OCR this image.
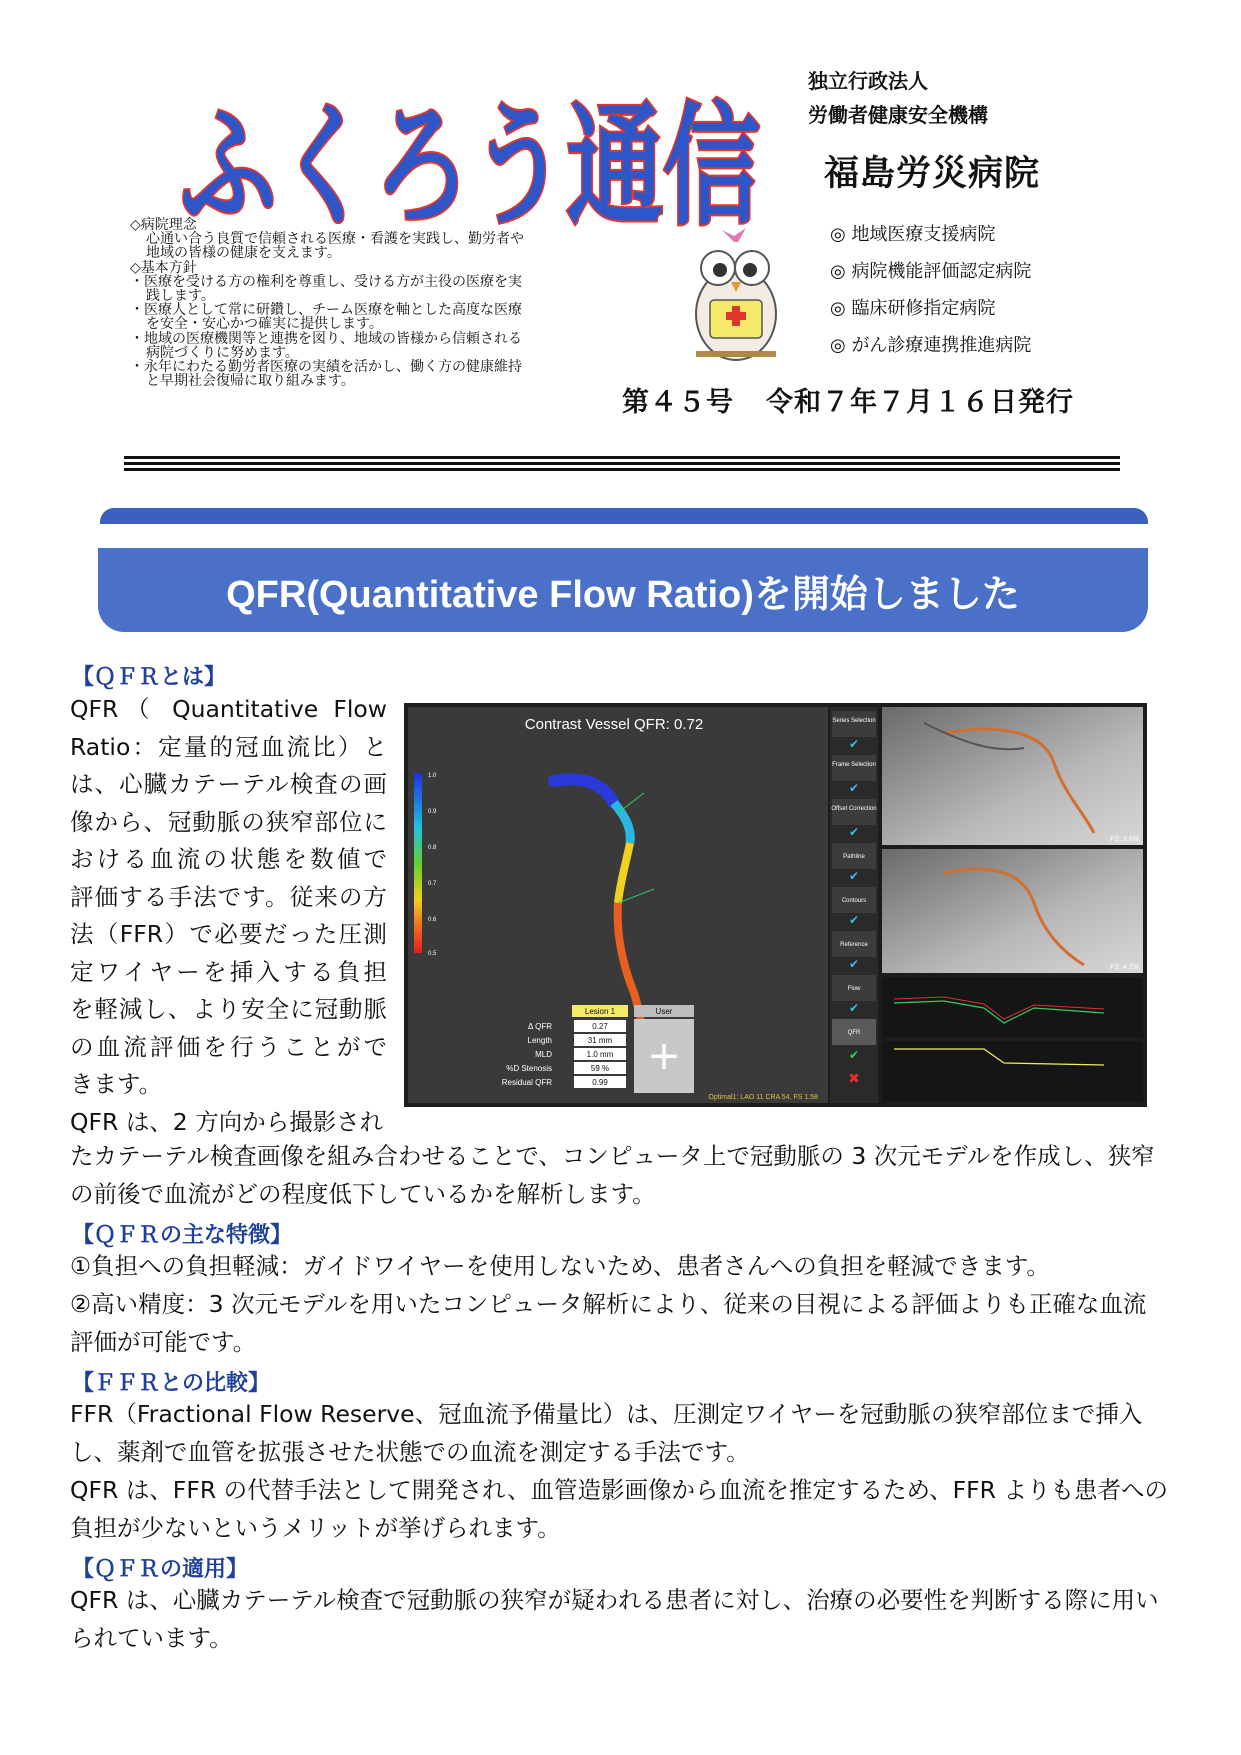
ふくろう通信
独立行政法人
労働者健康安全機構
福島労災病院
◎ 地域医療支援病院
◎ 病院機能評価認定病院
◎ 臨床研修指定病院
◎ がん診療連携推進病院
第４５号 令和７年７月１６日発行
◇病院理念
心通い合う良質で信頼される医療・看護を実践し、勤労者や
地域の皆様の健康を支えます。
◇基本方針
・医療を受ける方の権利を尊重し、受ける方が主役の医療を実
践します。
・医療人として常に研鑽し、チーム医療を軸とした高度な医療
を安全・安心かつ確実に提供します。
・地域の医療機関等と連携を図り、地域の皆様から信頼される
病院づくりに努めます。
・永年にわたる勤労者医療の実績を活かし、働く方の健康維持
と早期社会復帰に取り組みます。
QFR(Quantitative Flow Ratio)を開始しました
【ＱＦＲとは】
QFR（ Quantitative Flow
Ratio：定量的冠血流比）と
は、心臓カテーテル検査の画
像から、冠動脈の狭窄部位に
おける血流の状態を数値で
評価する手法です。従来の方
法（FFR）で必要だった圧測
定ワイヤーを挿入する負担
を軽減し、より安全に冠動脈
の血流評価を行うことがで
きます。
QFR は、2 方向から撮影され
Contrast Vessel QFR: 0.72
1.0
0.9
0.8
0.7
0.6
0.5
Lesion 1	User
+
Δ QFR
Length
MLD
%D Stenosis
Residual QFR
0.27
31 mm
1.0 mm
59 %
0.99
Optimal1: LAO 11 CRA 54, FS 1.58
Series Selection
✔
Frame Selection
✔
Offset Correction
✔
Pathline
✔
Contours
✔
Reference
✔
Flow
✔
QFR
✔
✖
FS: 2.6%
FS: 4.2%
たカテーテル検査画像を組み合わせることで、コンピュータ上で冠動脈の 3 次元モデルを作成し、狭窄の前後で血流がどの程度低下しているかを解析します。
【ＱＦＲの主な特徴】
①負担への負担軽減：ガイドワイヤーを使用しないため、患者さんへの負担を軽減できます。
②高い精度：3 次元モデルを用いたコンピュータ解析により、従来の目視による評価よりも正確な血流評価が可能です。
【ＦＦＲとの比較】
FFR（Fractional Flow Reserve、冠血流予備量比）は、圧測定ワイヤーを冠動脈の狭窄部位まで挿入し、薬剤で血管を拡張させた状態での血流を測定する手法です。
QFR は、FFR の代替手法として開発され、血管造影画像から血流を推定するため、FFR よりも患者への負担が少ないというメリットが挙げられます。
【ＱＦＲの適用】
QFR は、心臓カテーテル検査で冠動脈の狭窄が疑われる患者に対し、治療の必要性を判断する際に用いられています。
